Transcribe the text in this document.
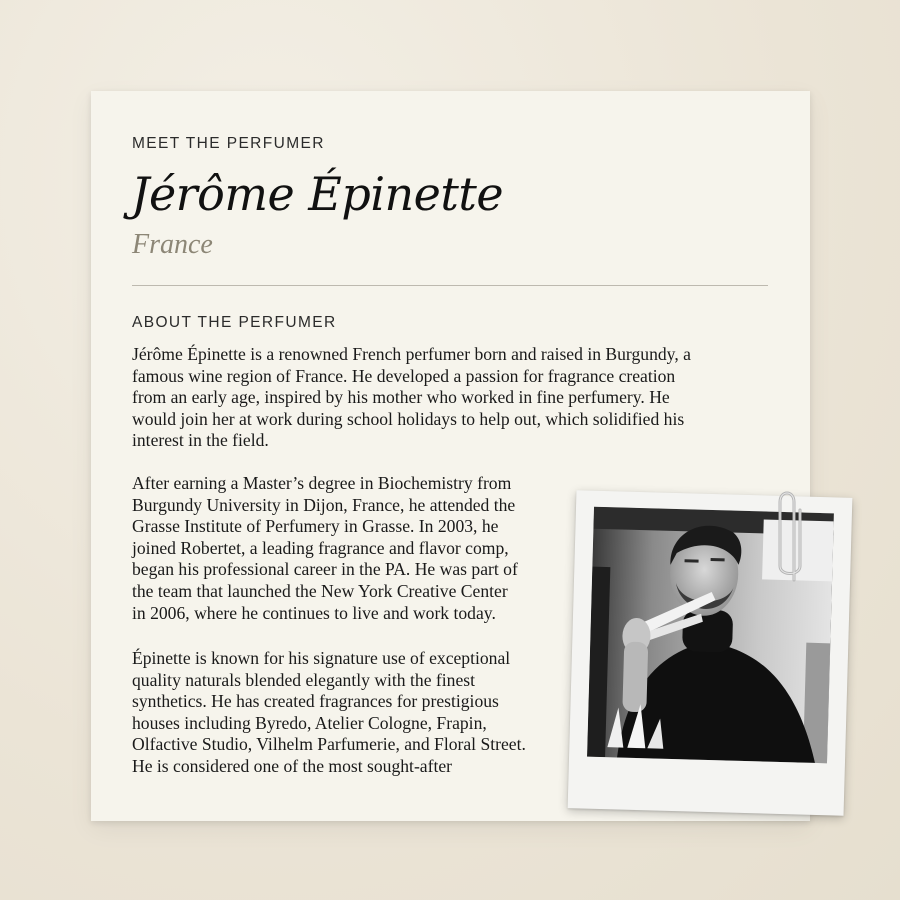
MEET THE PERFUMER
Jérôme Épinette
France
ABOUT THE PERFUMER

Jérôme Épinette is a renowned French perfumer born and raised in Burgundy, a
famous wine region of France. He developed a passion for fragrance creation
from an early age, inspired by his mother who worked in fine perfumery. He
would join her at work during school holidays to help out, which solidified his
interest in the field.

After earning a Master’s degree in Biochemistry from
Burgundy University in Dijon, France, he attended the
Grasse Institute of Perfumery in Grasse. In 2003, he
joined Robertet, a leading fragrance and flavor comp,
began his professional career in the PA. He was part of
the team that launched the New York Creative Center
in 2006, where he continues to live and work today.

Épinette is known for his signature use of exceptional
quality naturals blended elegantly with the finest
synthetics. He has created fragrances for prestigious
houses including Byredo, Atelier Cologne, Frapin,
Olfactive Studio, Vilhelm Parfumerie, and Floral Street.
He is considered one of the most sought-after
